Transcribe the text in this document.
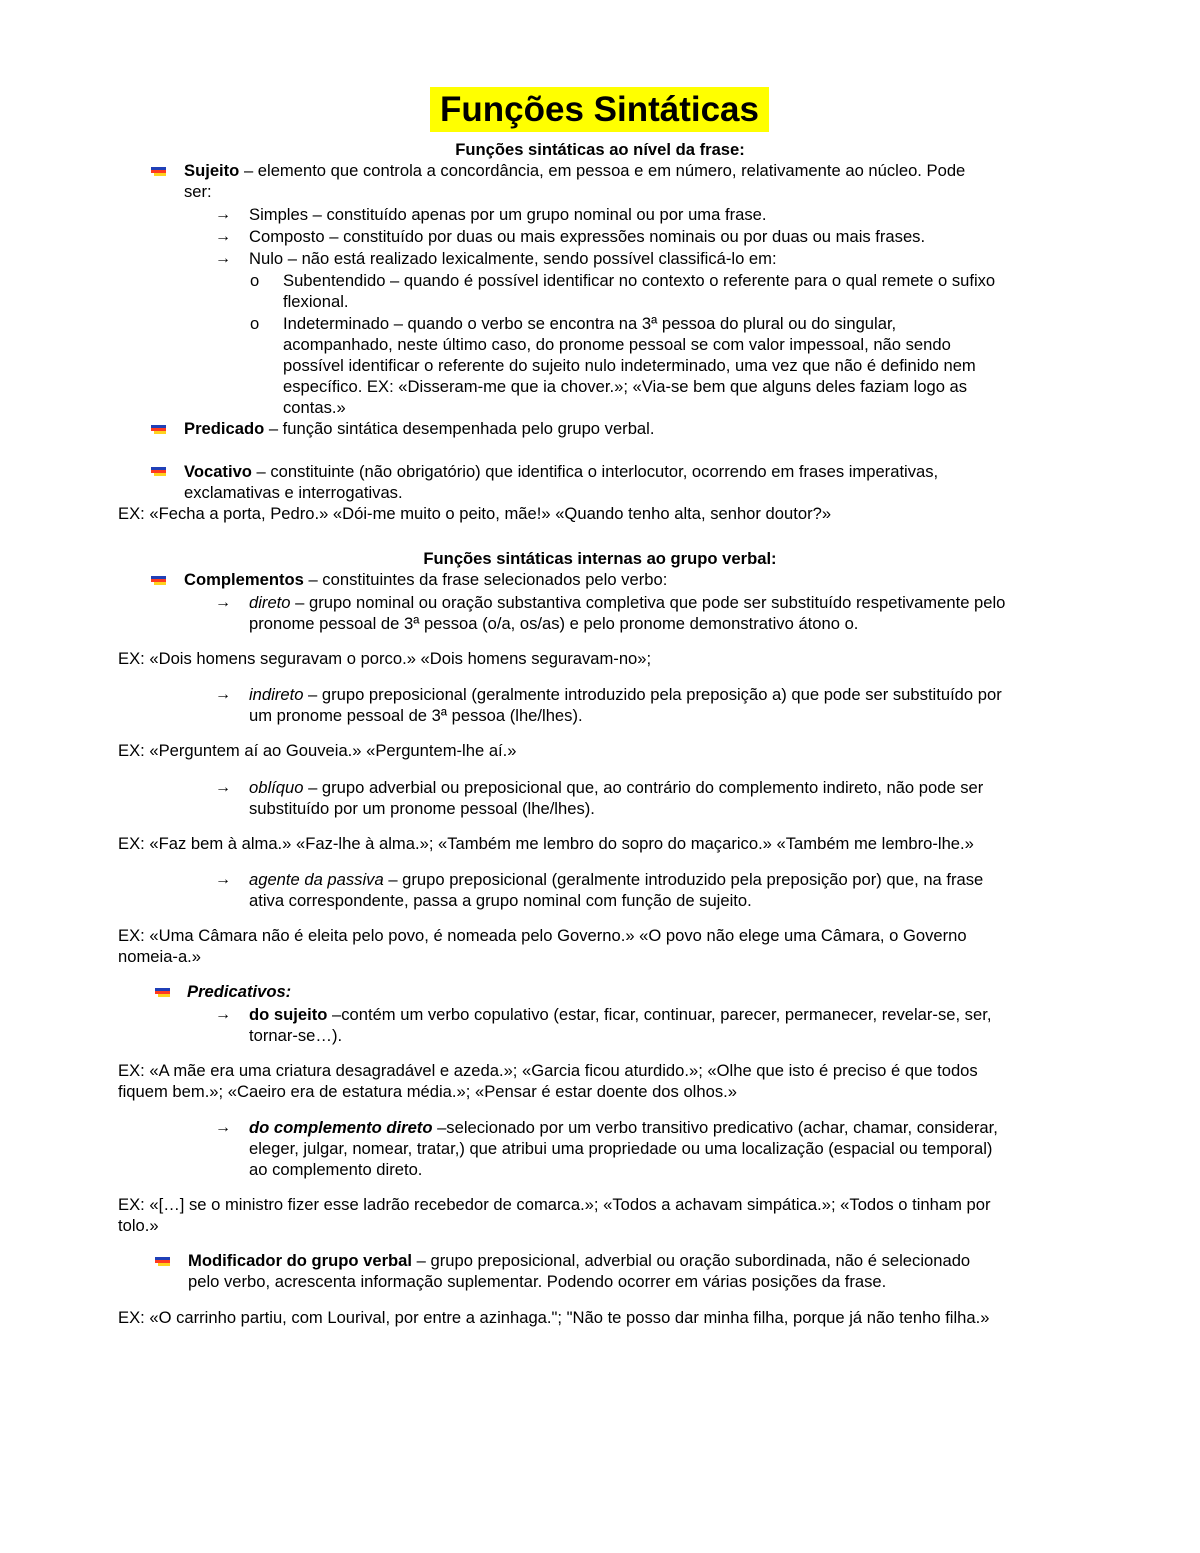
Funções Sintáticas
Funções sintáticas ao nível da frase:
Sujeito – elemento que controla a concordância, em pessoa e em número, relativamente ao núcleo. Pode
ser:
→ Simples – constituído apenas por um grupo nominal ou por uma frase.
→ Composto – constituído por duas ou mais expressões nominais ou por duas ou mais frases.
→ Nulo – não está realizado lexicalmente, sendo possível classificá-lo em:
o Subentendido – quando é possível identificar no contexto o referente para o qual remete o sufixo
flexional.
o Indeterminado – quando o verbo se encontra na 3ª pessoa do plural ou do singular,
acompanhado, neste último caso, do pronome pessoal se com valor impessoal, não sendo
possível identificar o referente do sujeito nulo indeterminado, uma vez que não é definido nem
específico. EX: «Disseram-me que ia chover.»; «Via-se bem que alguns deles faziam logo as
contas.»
Predicado – função sintática desempenhada pelo grupo verbal.
Vocativo – constituinte (não obrigatório) que identifica o interlocutor, ocorrendo em frases imperativas,
exclamativas e interrogativas.
EX: «Fecha a porta, Pedro.» «Dói-me muito o peito, mãe!» «Quando tenho alta, senhor doutor?»
Funções sintáticas internas ao grupo verbal:
Complementos – constituintes da frase selecionados pelo verbo:
→ direto – grupo nominal ou oração substantiva completiva que pode ser substituído respetivamente pelo
pronome pessoal de 3ª pessoa (o/a, os/as) e pelo pronome demonstrativo átono o.
EX: «Dois homens seguravam o porco.» «Dois homens seguravam-no»;
→ indireto – grupo preposicional (geralmente introduzido pela preposição a) que pode ser substituído por
um pronome pessoal de 3ª pessoa (lhe/lhes).
EX: «Perguntem aí ao Gouveia.» «Perguntem-lhe aí.»
→ oblíquo – grupo adverbial ou preposicional que, ao contrário do complemento indireto, não pode ser
substituído por um pronome pessoal (lhe/lhes).
EX: «Faz bem à alma.» «Faz-lhe à alma.»; «Também me lembro do sopro do maçarico.» «Também me lembro-lhe.»
→ agente da passiva – grupo preposicional (geralmente introduzido pela preposição por) que, na frase
ativa correspondente, passa a grupo nominal com função de sujeito.
EX: «Uma Câmara não é eleita pelo povo, é nomeada pelo Governo.» «O povo não elege uma Câmara, o Governo
nomeia-a.»
Predicativos:
→ do sujeito –contém um verbo copulativo (estar, ficar, continuar, parecer, permanecer, revelar-se, ser,
tornar-se…).
EX: «A mãe era uma criatura desagradável e azeda.»; «Garcia ficou aturdido.»; «Olhe que isto é preciso é que todos
fiquem bem.»; «Caeiro era de estatura média.»; «Pensar é estar doente dos olhos.»
→ do complemento direto –selecionado por um verbo transitivo predicativo (achar, chamar, considerar,
eleger, julgar, nomear, tratar,) que atribui uma propriedade ou uma localização (espacial ou temporal)
ao complemento direto.
EX: «[…] se o ministro fizer esse ladrão recebedor de comarca.»; «Todos a achavam simpática.»; «Todos o tinham por
tolo.»
Modificador do grupo verbal – grupo preposicional, adverbial ou oração subordinada, não é selecionado
pelo verbo, acrescenta informação suplementar. Podendo ocorrer em várias posições da frase.
EX: «O carrinho partiu, com Lourival, por entre a azinhaga."; "Não te posso dar minha filha, porque já não tenho filha.»
